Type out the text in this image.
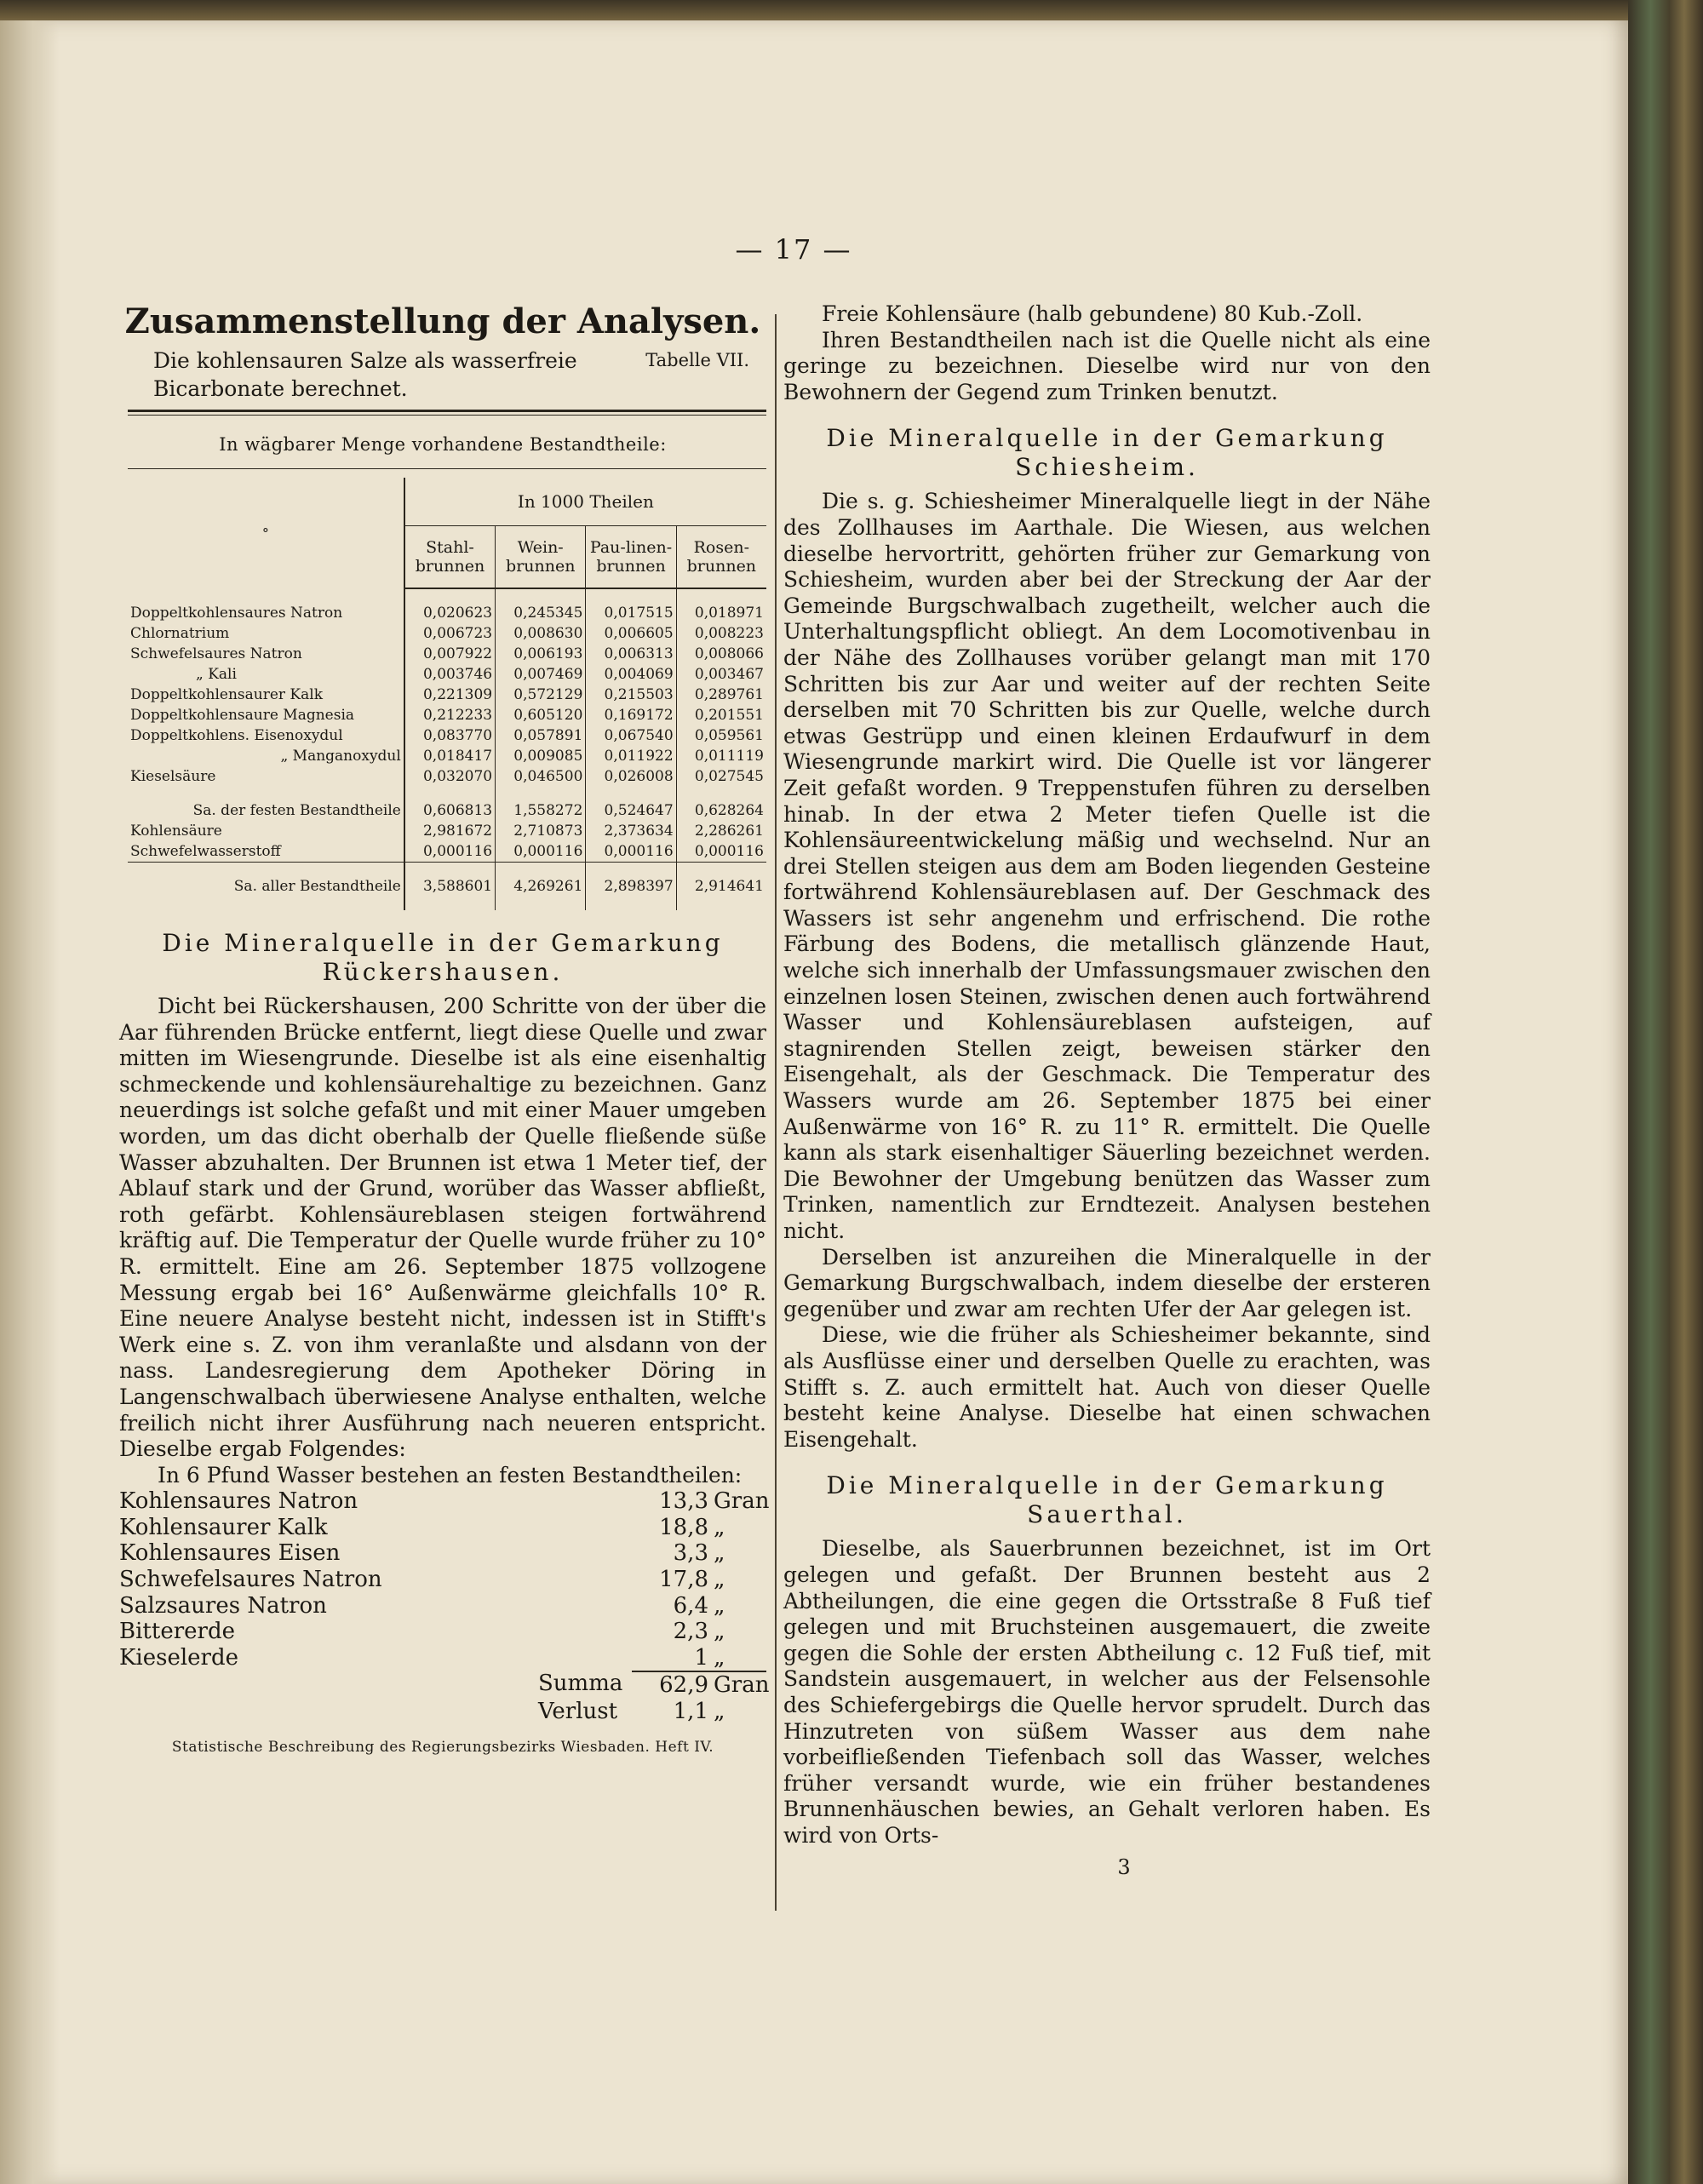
— 17 —
Zusammenstellung der Analysen.
Tabelle VII.
Die kohlensauren Salze als wasserfreie Bicarbonate berechnet.
In wägbarer Menge vorhandene Bestandtheile:
°	In 1000 Theilen			
	Stahl-brunnen	Wein-brunnen	Pau-linen-brunnen	Rosen-brunnen

Doppeltkohlensaures Natron	0,020623	0,245345	0,017515	0,018971
Chlornatrium	0,006723	0,008630	0,006605	0,008223
Schwefelsaures Natron	0,007922	0,006193	0,006313	0,008066
„ Kali	0,003746	0,007469	0,004069	0,003467
Doppeltkohlensaurer Kalk	0,221309	0,572129	0,215503	0,289761
Doppeltkohlensaure Magnesia	0,212233	0,605120	0,169172	0,201551
Doppeltkohlens. Eisenoxydul	0,083770	0,057891	0,067540	0,059561
„ Manganoxydul	0,018417	0,009085	0,011922	0,011119
Kieselsäure	0,032070	0,046500	0,026008	0,027545

Sa. der festen Bestandtheile	0,606813	1,558272	0,524647	0,628264
Kohlensäure	2,981672	2,710873	2,373634	2,286261
Schwefelwasserstoff	0,000116	0,000116	0,000116	0,000116

Sa. aller Bestandtheile	3,588601	4,269261	2,898397	2,914641

Die Mineralquelle in der Gemarkung Rückershausen.

Dicht bei Rückershausen, 200 Schritte von der über die Aar führenden Brücke entfernt, liegt diese Quelle und zwar mitten im Wiesengrunde. Dieselbe ist als eine eisenhaltig schmeckende und kohlensäurehaltige zu bezeichnen. Ganz neuerdings ist solche gefaßt und mit einer Mauer umgeben worden, um das dicht oberhalb der Quelle fließende süße Wasser abzuhalten. Der Brunnen ist etwa 1 Meter tief, der Ablauf stark und der Grund, worüber das Wasser abfließt, roth gefärbt. Kohlensäureblasen steigen fortwährend kräftig auf. Die Temperatur der Quelle wurde früher zu 10° R. ermittelt. Eine am 26. September 1875 vollzogene Messung ergab bei 16° Außenwärme gleichfalls 10° R. Eine neuere Analyse besteht nicht, indessen ist in Stifft's Werk eine s. Z. von ihm veranlaßte und alsdann von der nass. Landesregierung dem Apotheker Döring in Langenschwalbach überwiesene Analyse enthalten, welche freilich nicht ihrer Ausführung nach neueren entspricht. Dieselbe ergab Folgendes:

In 6 Pfund Wasser bestehen an festen Bestandtheilen:

Kohlensaures Natron	13,3 Gran
Kohlensaurer Kalk	18,8 „
Kohlensaures Eisen	3,3 „
Schwefelsaures Natron	17,8 „
Salzsaures Natron	6,4 „
Bittererde	2,3 „
Kieselerde	1 „
Summa	62,9 Gran
Verlust	1,1 „
Statistische Beschreibung des Regierungsbezirks Wiesbaden. Heft IV.

Freie Kohlensäure (halb gebundene) 80 Kub.-Zoll.

Ihren Bestandtheilen nach ist die Quelle nicht als eine geringe zu bezeichnen. Dieselbe wird nur von den Bewohnern der Gegend zum Trinken benutzt.

Die Mineralquelle in der Gemarkung Schiesheim.

Die s. g. Schiesheimer Mineralquelle liegt in der Nähe des Zollhauses im Aarthale. Die Wiesen, aus welchen dieselbe hervortritt, gehörten früher zur Gemarkung von Schiesheim, wurden aber bei der Streckung der Aar der Gemeinde Burgschwalbach zugetheilt, welcher auch die Unterhaltungspflicht obliegt. An dem Locomotivenbau in der Nähe des Zollhauses vorüber gelangt man mit 170 Schritten bis zur Aar und weiter auf der rechten Seite derselben mit 70 Schritten bis zur Quelle, welche durch etwas Gestrüpp und einen kleinen Erdaufwurf in dem Wiesengrunde markirt wird. Die Quelle ist vor längerer Zeit gefaßt worden. 9 Treppenstufen führen zu derselben hinab. In der etwa 2 Meter tiefen Quelle ist die Kohlensäureentwickelung mäßig und wechselnd. Nur an drei Stellen steigen aus dem am Boden liegenden Gesteine fortwährend Kohlensäureblasen auf. Der Geschmack des Wassers ist sehr angenehm und erfrischend. Die rothe Färbung des Bodens, die metallisch glänzende Haut, welche sich innerhalb der Umfassungsmauer zwischen den einzelnen losen Steinen, zwischen denen auch fortwährend Wasser und Kohlensäureblasen aufsteigen, auf stagnirenden Stellen zeigt, beweisen stärker den Eisengehalt, als der Geschmack. Die Temperatur des Wassers wurde am 26. September 1875 bei einer Außenwärme von 16° R. zu 11° R. ermittelt. Die Quelle kann als stark eisenhaltiger Säuerling bezeichnet werden. Die Bewohner der Umgebung benützen das Wasser zum Trinken, namentlich zur Erndtezeit. Analysen bestehen nicht.

Derselben ist anzureihen die Mineralquelle in der Gemarkung Burgschwalbach, indem dieselbe der ersteren gegenüber und zwar am rechten Ufer der Aar gelegen ist.

Diese, wie die früher als Schiesheimer bekannte, sind als Ausflüsse einer und derselben Quelle zu erachten, was Stifft s. Z. auch ermittelt hat. Auch von dieser Quelle besteht keine Analyse. Dieselbe hat einen schwachen Eisengehalt.

Die Mineralquelle in der Gemarkung Sauerthal.

Dieselbe, als Sauerbrunnen bezeichnet, ist im Ort gelegen und gefaßt. Der Brunnen besteht aus 2 Abtheilungen, die eine gegen die Ortsstraße 8 Fuß tief gelegen und mit Bruchsteinen ausgemauert, die zweite gegen die Sohle der ersten Abtheilung c. 12 Fuß tief, mit Sandstein ausgemauert, in welcher aus der Felsensohle des Schiefergebirgs die Quelle hervor sprudelt. Durch das Hinzutreten von süßem Wasser aus dem nahe vorbeifließenden Tiefenbach soll das Wasser, welches früher versandt wurde, wie ein früher bestandenes Brunnenhäuschen bewies, an Gehalt verloren haben. Es wird von Orts-

3
